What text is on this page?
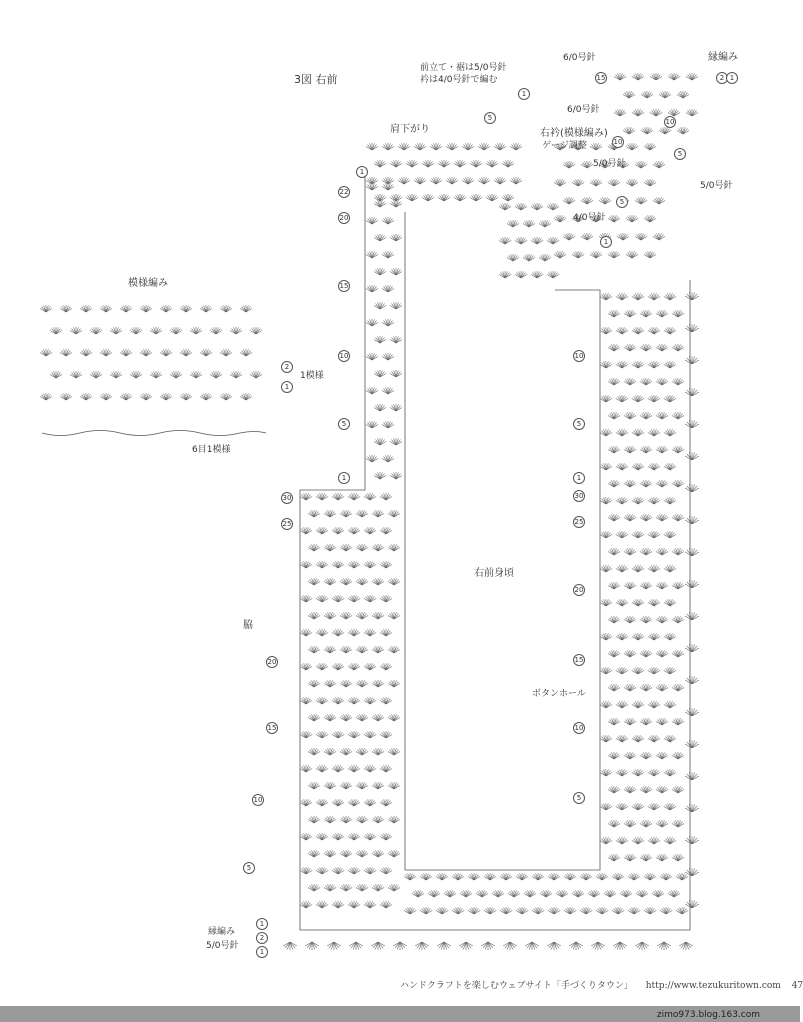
3図 右前
前立て・裾は5/0号針
衿は4/0号針で編む
肩下がり	右衿(模様編み)
ゲージ調整
縁編み
6/0号針
6/0号針
5/0号針
5/0号針
4/0号針
右前身頃
ボタンホール
脇
縁編み
5/0号針
模様編み
2
1
1模様
6目1模様
1
22
20
15
10
5
1
30
25
20
15
10
5
1
2
1
10
5
1
30
25
20
15
10
5
5
1
15
10
5
1
2 1
5
10
ハンドクラフトを楽しむウェブサイト「手づくりタウン」 http://www.tezukuritown.com 47
zimo973.blog.163.com
